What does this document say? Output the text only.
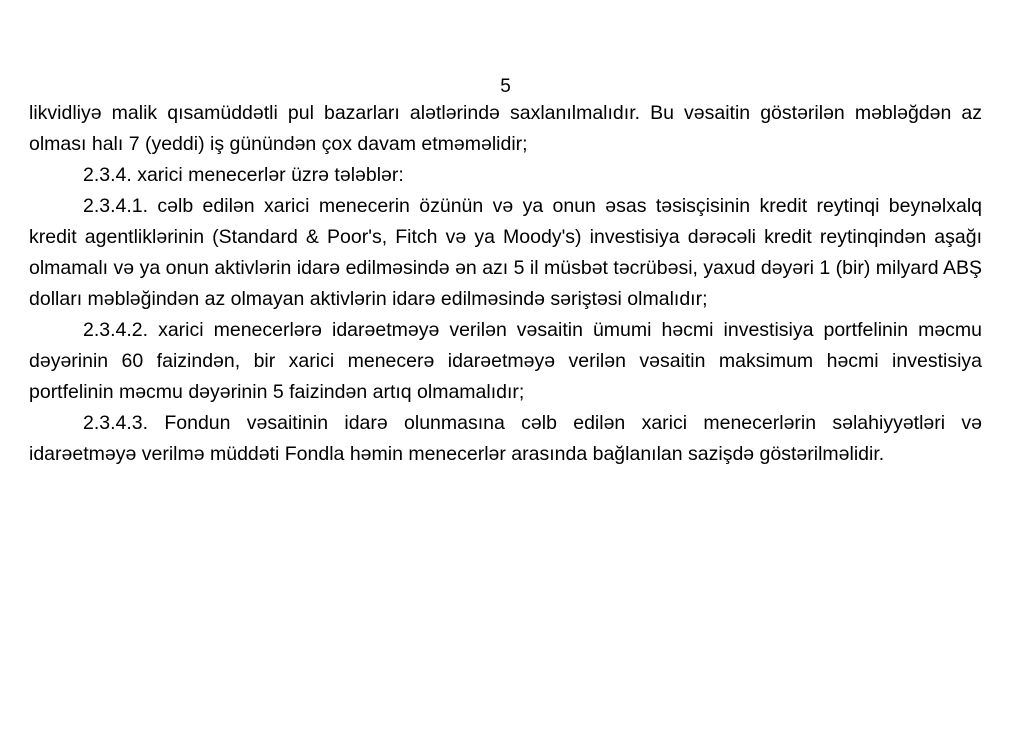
5

likvidliyə malik qısamüddətli pul bazarları alətlərində saxlanılmalıdır. Bu vəsaitin göstərilən məbləğdən az olması halı 7 (yeddi) iş günündən çox davam etməməlidir;

2.3.4. xarici menecerlər üzrə tələblər:

2.3.4.1. cəlb edilən xarici menecerin özünün və ya onun əsas təsisçisinin kredit reytinqi beynəlxalq kredit agentliklərinin (Standard & Poor's, Fitch və ya Moody's) investisiya dərəcəli kredit reytinqindən aşağı olmamalı və ya onun aktivlərin idarə edilməsində ən azı 5 il müsbət təcrübəsi, yaxud dəyəri 1 (bir) milyard ABŞ dolları məbləğindən az olmayan aktivlərin idarə edilməsində səriştəsi olmalıdır;

2.3.4.2. xarici menecerlərə idarəetməyə verilən vəsaitin ümumi həcmi investisiya portfelinin məcmu dəyərinin 60 faizindən, bir xarici menecerə idarəetməyə verilən vəsaitin maksimum həcmi investisiya portfelinin məcmu dəyərinin 5 faizindən artıq olmamalıdır;

2.3.4.3. Fondun vəsaitinin idarə olunmasına cəlb edilən xarici menecerlərin səlahiyyətləri və idarəetməyə verilmə müddəti Fondla həmin menecerlər arasında bağlanılan sazişdə göstərilməlidir.
